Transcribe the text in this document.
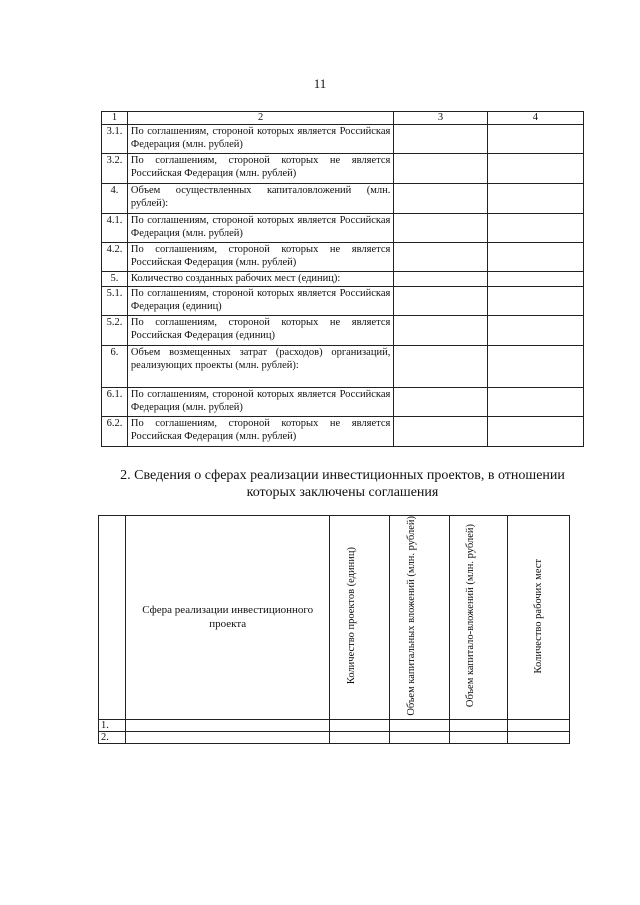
11
1	2	3	4
3.1.	По соглашениям, стороной которых является Российская Федерация (млн. рублей)		
3.2.	По соглашениям, стороной которых не является Российская Федерация (млн. рублей)		
4.	Объем осуществленных капиталовложений (млн. рублей):		
4.1.	По соглашениям, стороной которых является Российская Федерация (млн. рублей)		
4.2.	По соглашениям, стороной которых не является Российская Федерация (млн. рублей)		
5.	Количество созданных рабочих мест (единиц):		
5.1.	По соглашениям, стороной которых является Российская Федерация (единиц)		
5.2.	По соглашениям, стороной которых не является Российская Федерация (единиц)		
6.	Объем возмещенных затрат (расходов) организаций, реализующих проекты (млн. рублей):		
6.1.	По соглашениям, стороной которых является Российская Федерация (млн. рублей)		
6.2.	По соглашениям, стороной которых не является Российская Федерация (млн. рублей)		
2. Сведения о сферах реализации инвестиционных проектов, в отношении которых заключены соглашения
	Сфера реализации инвестиционного проекта	Количество проектов (единиц)	Объем капитальных вложений (млн. рублей)	Объем капитало-вложений (млн. рублей)	Количество рабочих мест
1.					
2.					
